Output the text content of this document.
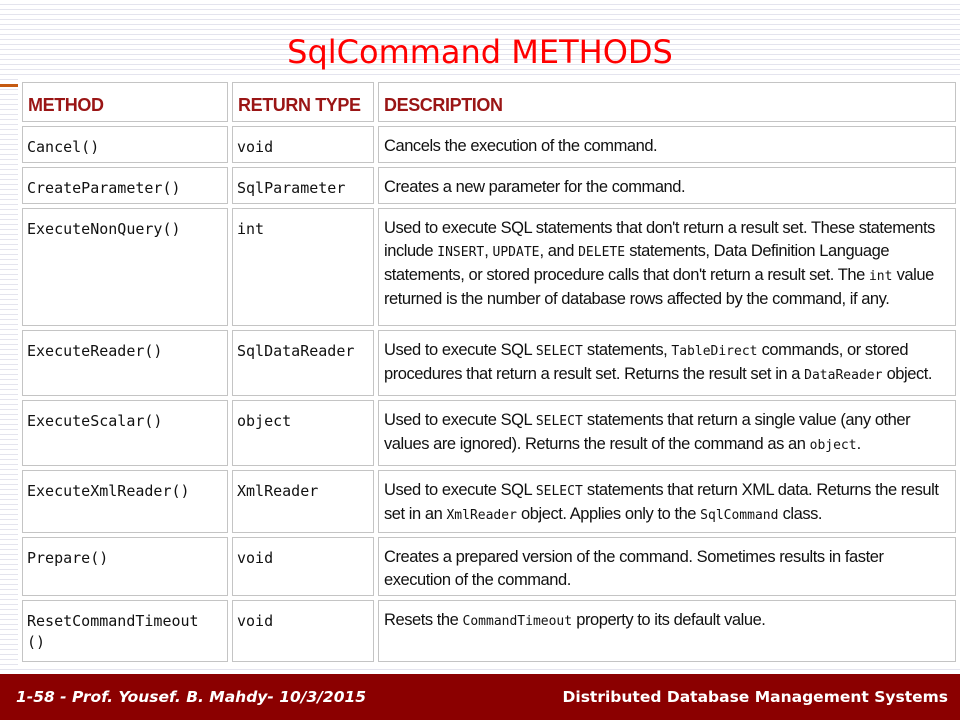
SqlCommand METHODS
METHOD	RETURN TYPE	DESCRIPTION
Cancel()	void	Cancels the execution of the command.
CreateParameter()	SqlParameter	Creates a new parameter for the command.
ExecuteNonQuery()	int	Used to execute SQL statements that don't return a result set. These statements include INSERT, UPDATE, and DELETE statements, Data Definition Language statements, or stored procedure calls that don't return a result set. The int value returned is the number of database rows affected by the command, if any.
ExecuteReader()	SqlDataReader	Used to execute SQL SELECT statements, TableDirect commands, or stored procedures that return a result set. Returns the result set in a DataReader object.
ExecuteScalar()	object	Used to execute SQL SELECT statements that return a single value (any other values are ignored). Returns the result of the command as an object.
ExecuteXmlReader()	XmlReader	Used to execute SQL SELECT statements that return XML data. Returns the result set in an XmlReader object. Applies only to the SqlCommand class.
Prepare()	void	Creates a prepared version of the command. Sometimes results in faster execution of the command.
ResetCommandTimeout ()	void	Resets the CommandTimeout property to its default value.
1-58 - Prof. Yousef. B. Mahdy- 10/3/2015	Distributed Database Management Systems
